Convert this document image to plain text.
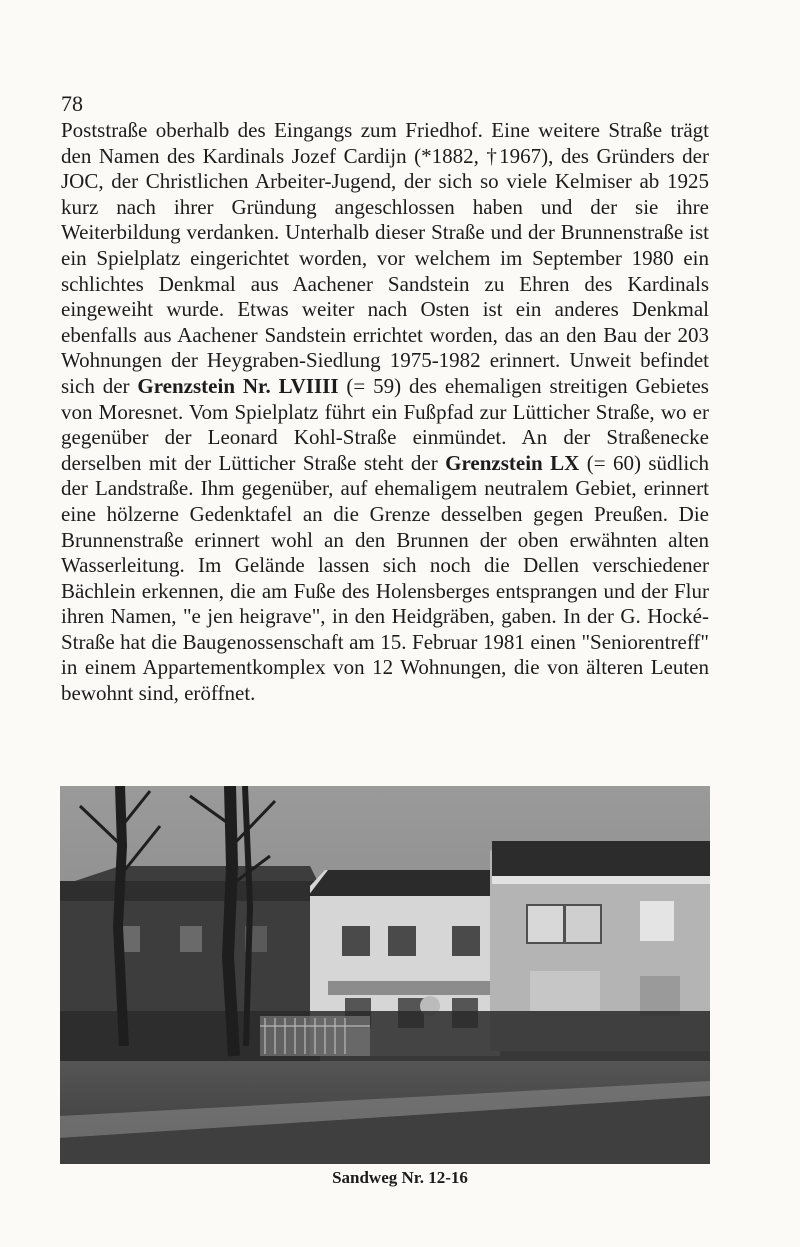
78

Poststraße oberhalb des Eingangs zum Friedhof. Eine weitere Straße trägt den Namen des Kardinals Jozef Cardijn (*1882, †1967), des Gründers der JOC, der Christlichen Arbeiter-Jugend, der sich so viele Kelmiser ab 1925 kurz nach ihrer Gründung angeschlossen haben und der sie ihre Weiterbildung verdanken. Unterhalb dieser Straße und der Brunnenstraße ist ein Spielplatz eingerichtet worden, vor welchem im September 1980 ein schlichtes Denkmal aus Aachener Sandstein zu Ehren des Kardinals eingeweiht wurde. Etwas weiter nach Osten ist ein anderes Denkmal ebenfalls aus Aachener Sandstein errichtet worden, das an den Bau der 203 Wohnungen der Heygraben-Siedlung 1975-1982 erinnert. Unweit befindet sich der Grenzstein Nr. LVIIII (= 59) des ehemaligen streitigen Gebietes von Moresnet. Vom Spielplatz führt ein Fußpfad zur Lütticher Straße, wo er gegenüber der Leonard Kohl-Straße einmündet. An der Straßenecke derselben mit der Lütticher Straße steht der Grenzstein LX (= 60) südlich der Landstraße. Ihm gegenüber, auf ehemaligem neutralem Gebiet, erinnert eine hölzerne Gedenktafel an die Grenze desselben gegen Preußen. Die Brunnenstraße erinnert wohl an den Brunnen der oben erwähnten alten Wasserleitung. Im Gelände lassen sich noch die Dellen verschiedener Bächlein erkennen, die am Fuße des Holensberges entsprangen und der Flur ihren Namen, "e jen heigrave", in den Heidgräben, gaben. In der G. Hocké-Straße hat die Baugenossenschaft am 15. Februar 1981 einen "Seniorentreff" in einem Appartementkomplex von 12 Wohnungen, die von älteren Leuten bewohnt sind, eröffnet.

Sandweg Nr. 12-16
